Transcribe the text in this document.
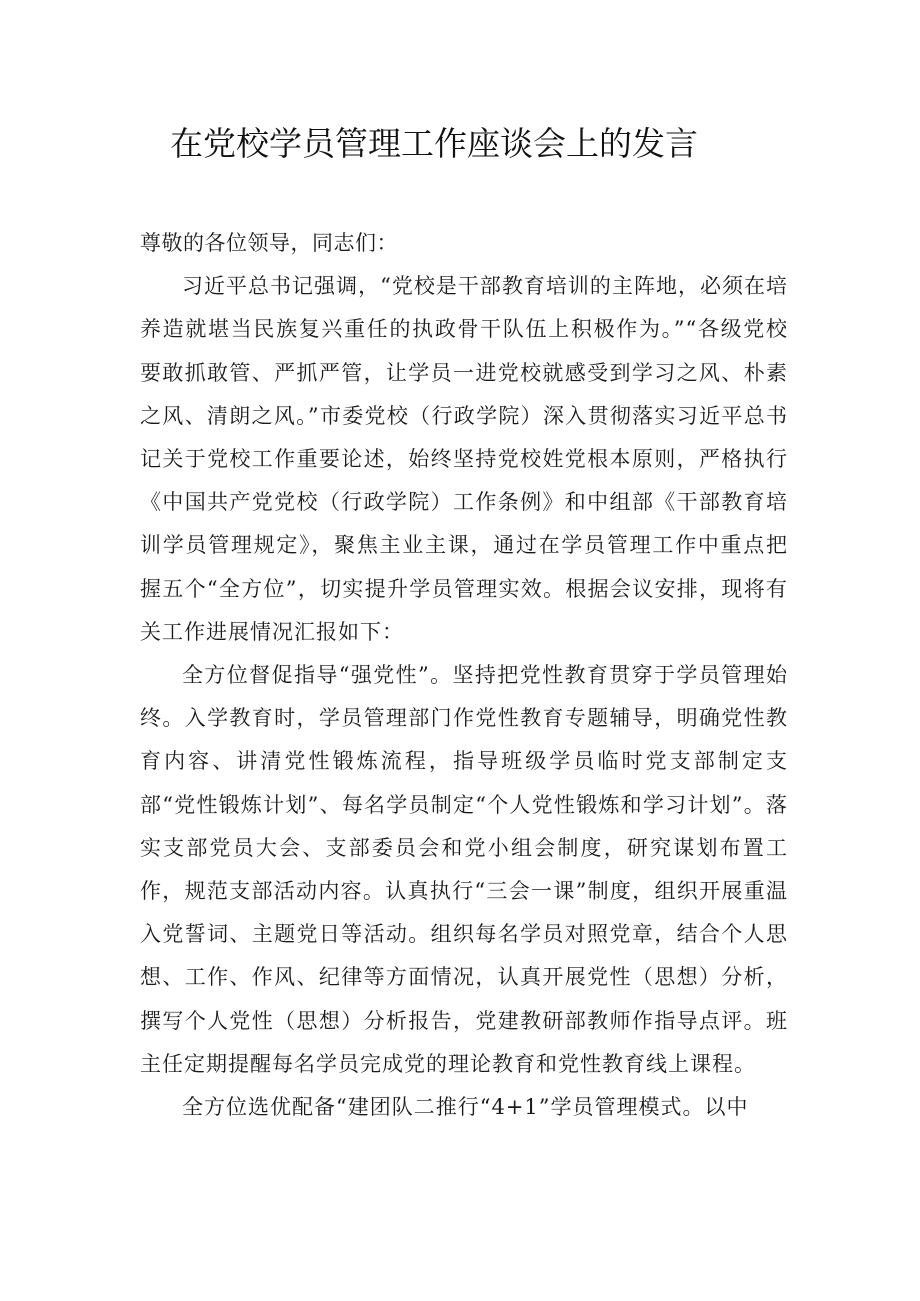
在党校学员管理工作座谈会上的发言

尊敬的各位领导，同志们：

习近平总书记强调，“党校是干部教育培训的主阵地，必须在培养造就堪当民族复兴重任的执政骨干队伍上积极作为。”“各级党校要敢抓敢管、严抓严管，让学员一进党校就感受到学习之风、朴素之风、清朗之风。”市委党校（行政学院）深入贯彻落实习近平总书记关于党校工作重要论述，始终坚持党校姓党根本原则，严格执行《中国共产党党校（行政学院）工作条例》和中组部《干部教育培训学员管理规定》，聚焦主业主课，通过在学员管理工作中重点把握五个“全方位”，切实提升学员管理实效。根据会议安排，现将有关工作进展情况汇报如下：

全方位督促指导“强党性”。坚持把党性教育贯穿于学员管理始终。入学教育时，学员管理部门作党性教育专题辅导，明确党性教育内容、讲清党性锻炼流程，指导班级学员临时党支部制定支部“党性锻炼计划”、每名学员制定“个人党性锻炼和学习计划”。落实支部党员大会、支部委员会和党小组会制度，研究谋划布置工作，规范支部活动内容。认真执行“三会一课”制度，组织开展重温入党誓词、主题党日等活动。组织每名学员对照党章，结合个人思想、工作、作风、纪律等方面情况，认真开展党性（思想）分析，撰写个人党性（思想）分析报告，党建教研部教师作指导点评。班主任定期提醒每名学员完成党的理论教育和党性教育线上课程。

全方位选优配备“建团队二推行“4+1”学员管理模式。以中
